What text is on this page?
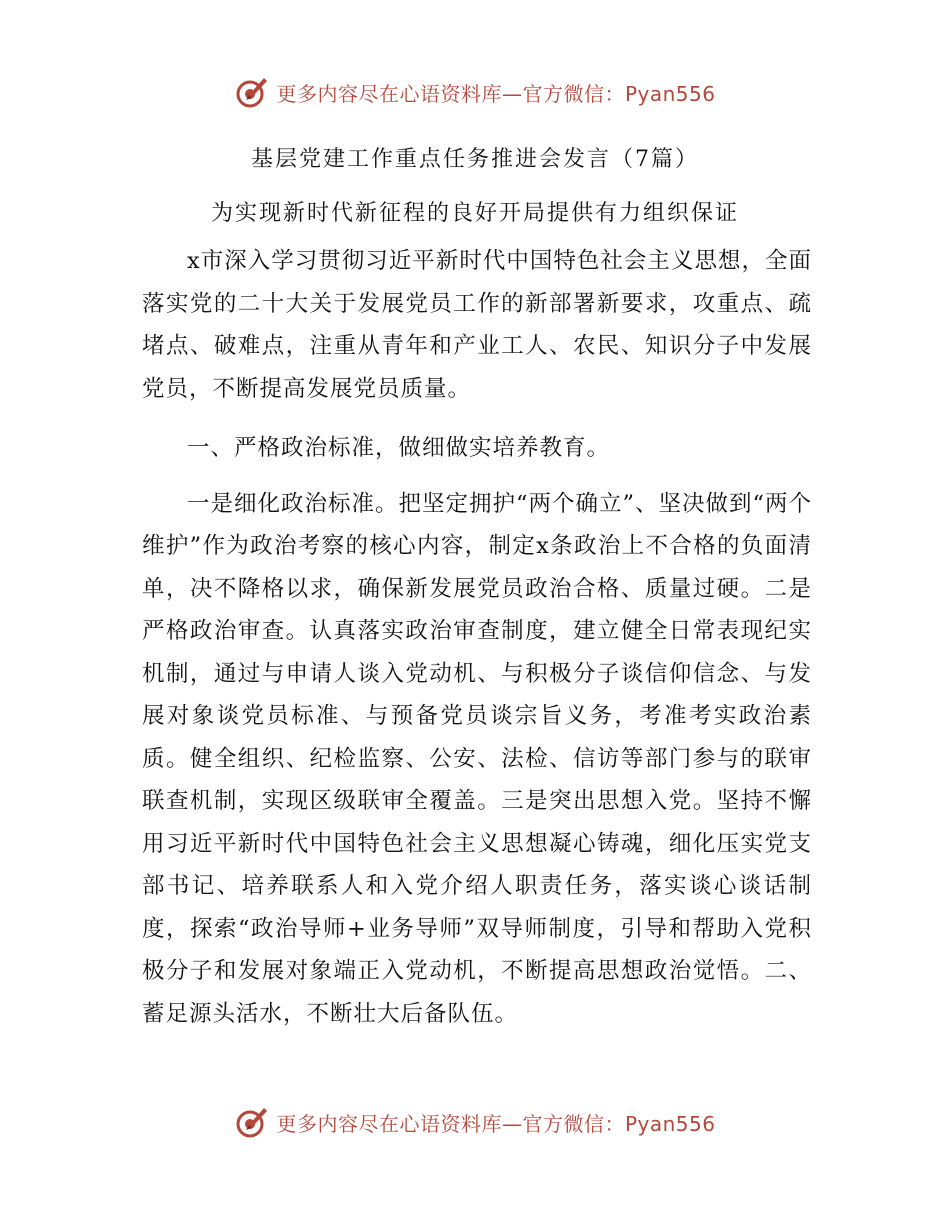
更多内容尽在心语资料库—官方微信：Pyan556
基层党建工作重点任务推进会发言（7篇）
为实现新时代新征程的良好开局提供有力组织保证

x市深入学习贯彻习近平新时代中国特色社会主义思想，全面落实党的二十大关于发展党员工作的新部署新要求，攻重点、疏堵点、破难点，注重从青年和产业工人、农民、知识分子中发展党员，不断提高发展党员质量。

一、严格政治标准，做细做实培养教育。

一是细化政治标准。把坚定拥护“两个确立”、坚决做到“两个维护”作为政治考察的核心内容，制定x条政治上不合格的负面清单，决不降格以求，确保新发展党员政治合格、质量过硬。二是严格政治审查。认真落实政治审查制度，建立健全日常表现纪实机制，通过与申请人谈入党动机、与积极分子谈信仰信念、与发展对象谈党员标准、与预备党员谈宗旨义务，考准考实政治素质。健全组织、纪检监察、公安、法检、信访等部门参与的联审联查机制，实现区级联审全覆盖。三是突出思想入党。坚持不懈用习近平新时代中国特色社会主义思想凝心铸魂，细化压实党支部书记、培养联系人和入党介绍人职责任务，落实谈心谈话制度，探索“政治导师+业务导师”双导师制度，引导和帮助入党积极分子和发展对象端正入党动机，不断提高思想政治觉悟。二、蓄足源头活水，不断壮大后备队伍。

更多内容尽在心语资料库—官方微信：Pyan556
